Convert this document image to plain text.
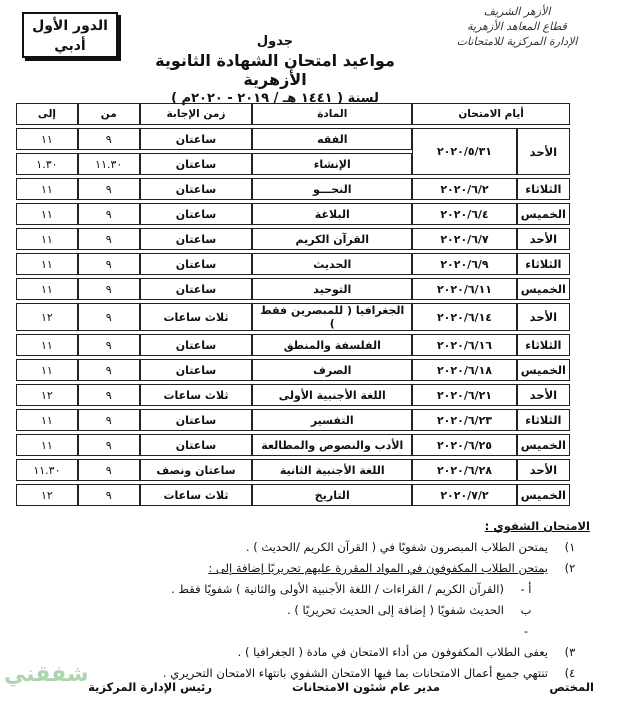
الأزهر الشريف
قطاع المعاهد الأزهرية
الإدارة المركزية للامتحانات
جدول
مواعيد امتحان الشهادة الثانوية الأزهرية
لسنة ( ١٤٤١ هـ / ٢٠١٩ - ٢٠٢٠م )
الدور الأول
أدبي
أيام الامتحان		المادة	زمن الإجابة	من	إلى
الأحد	٢٠٢٠/٥/٣١	الفقه	ساعتان	٩	١١
		الإنشاء	ساعتان	١١.٣٠	١.٣٠
الثلاثاء	٢٠٢٠/٦/٢	النحـــو	ساعتان	٩	١١
الخميس	٢٠٢٠/٦/٤	البلاغة	ساعتان	٩	١١
الأحد	٢٠٢٠/٦/٧	القرآن الكريم	ساعتان	٩	١١
الثلاثاء	٢٠٢٠/٦/٩	الحديث	ساعتان	٩	١١
الخميس	٢٠٢٠/٦/١١	التوحيد	ساعتان	٩	١١
الأحد	٢٠٢٠/٦/١٤	الجغرافيا ( للمبصرين فقط )	ثلاث ساعات	٩	١٢
الثلاثاء	٢٠٢٠/٦/١٦	الفلسفة والمنطق	ساعتان	٩	١١
الخميس	٢٠٢٠/٦/١٨	الصرف	ساعتان	٩	١١
الأحد	٢٠٢٠/٦/٢١	اللغة الأجنبية الأولى	ثلاث ساعات	٩	١٢
الثلاثاء	٢٠٢٠/٦/٢٣	التفسير	ساعتان	٩	١١
الخميس	٢٠٢٠/٦/٢٥	الأدب والنصوص والمطالعة	ساعتان	٩	١١
الأحد	٢٠٢٠/٦/٢٨	اللغة الأجنبية الثانية	ساعتان ونصف	٩	١١.٣٠
الخميس	٢٠٢٠/٧/٢	التاريخ	ثلاث ساعات	٩	١٢
الامتحان الشفوي :
١)
يمتحن الطلاب المبصرون شفويًا في ( القرآن الكريم /الحديث ) .
٢)
يمتحن الطلاب المكفوفون في المواد المقررة عليهم تحريريًا إضافة إلى :
أ -
(القرآن الكريم / القراءات / اللغة الأجنبية الأولى والثانية ) شفويًا فقط .
ب -
الحديث شفويًا ( إضافة إلى الحديث تحريريًا ) .
٣)
يعفى الطلاب المكفوفون من أداء الامتحان في مادة ( الجغرافيا ) .
٤)
تنتهي جميع أعمال الامتحانات بما فيها الامتحان الشفوي بانتهاء الامتحان التحريري .
المختص
مدير عام شئون الامتحانات
رئيس الإدارة المركزية
شفقني
